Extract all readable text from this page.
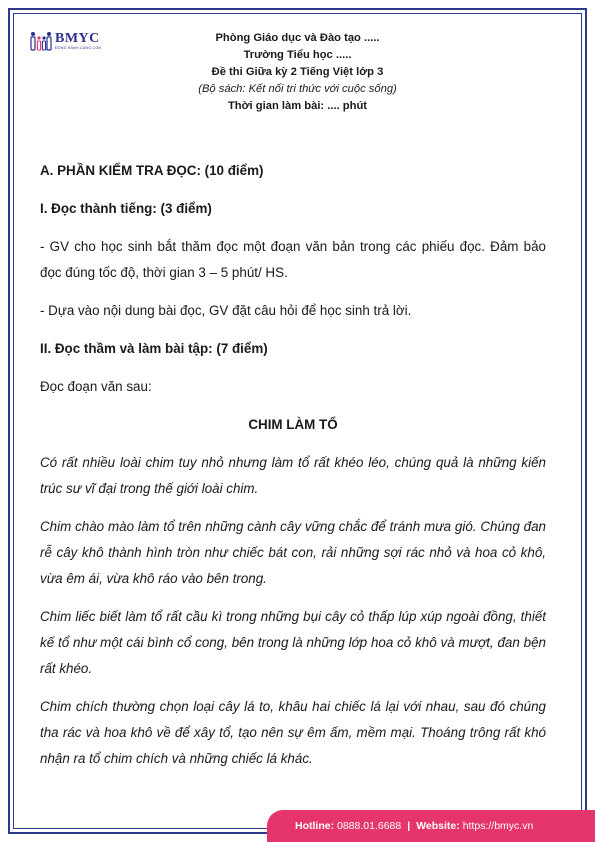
BMYC
ĐỒNG HÀNH CÙNG CON
Phòng Giáo dục và Đào tạo .....
Trường Tiểu học .....
Đề thi Giữa kỳ 2 Tiếng Việt lớp 3
(Bộ sách: Kết nối tri thức với cuộc sống)
Thời gian làm bài: .... phút

A. PHẦN KIỂM TRA ĐỌC: (10 điểm)

I. Đọc thành tiếng: (3 điểm)

- GV cho học sinh bắt thăm đọc một đoạn văn bản trong các phiếu đọc. Đảm bảo đọc đúng tốc độ, thời gian 3 – 5 phút/ HS.

- Dựa vào nội dung bài đọc, GV đặt câu hỏi để học sinh trả lời.

II. Đọc thầm và làm bài tập: (7 điểm)

Đọc đoạn văn sau:

CHIM LÀM TỔ

Có rất nhiều loài chim tuy nhỏ nhưng làm tổ rất khéo léo, chúng quả là những kiến trúc sư vĩ đại trong thế giới loài chim.

Chim chào mào làm tổ trên những cành cây vững chắc để tránh mưa gió. Chúng đan rễ cây khô thành hình tròn như chiếc bát con, rải những sợi rác nhỏ và hoa cỏ khô, vừa êm ái, vừa khô ráo vào bên trong.

Chim liếc biết làm tổ rất cầu kì trong những bụi cây cỏ thấp lúp xúp ngoài đồng, thiết kế tổ như một cái bình cổ cong, bên trong là những lớp hoa cỏ khô và mượt, đan bện rất khéo.

Chim chích thường chọn loại cây lá to, khâu hai chiếc lá lại với nhau, sau đó chúng tha rác và hoa khô về để xây tổ, tạo nên sự êm ấm, mềm mại. Thoáng trông rất khó nhận ra tổ chim chích và những chiếc lá khác.

Hotline:
0888.01.6688 | Website:
https://bmyc.vn
